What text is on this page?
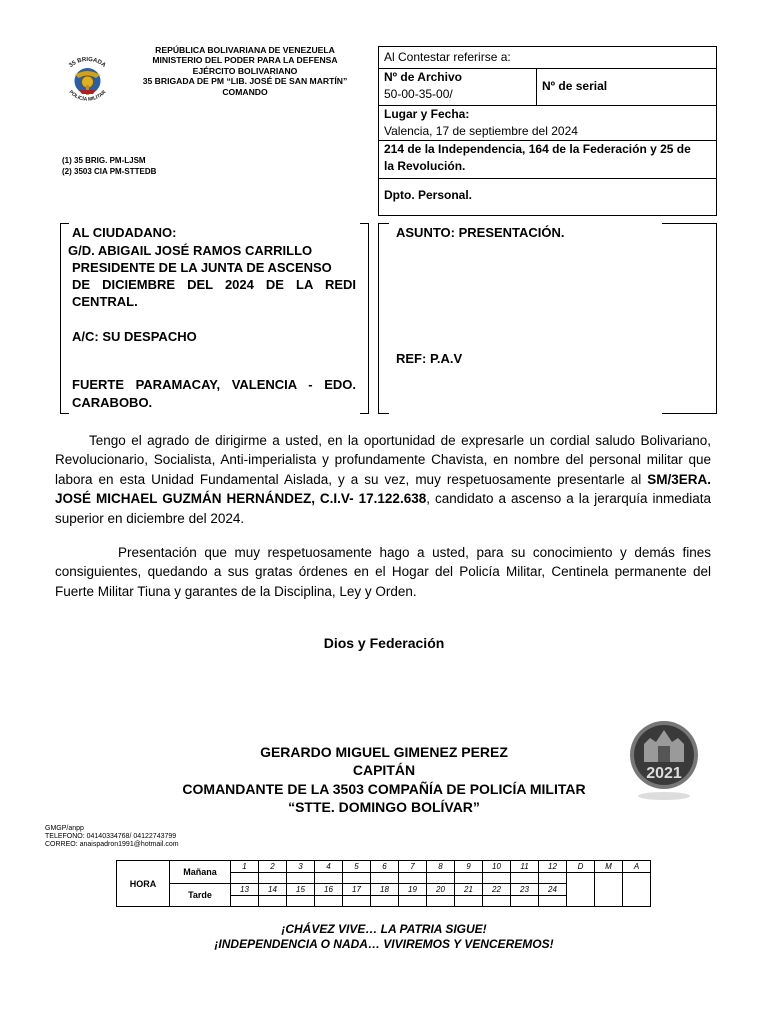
35 BRIGADA
POLICÍA MILITAR
REPÚBLICA BOLIVARIANA DE VENEZUELA
MINISTERIO DEL PODER PARA LA DEFENSA
EJÉRCITO BOLIVARIANO
35 BRIGADA DE PM “LIB. JOSÉ DE SAN MARTÍN”
COMANDO
(1) 35 BRIG. PM-LJSM
(2) 3503 CIA PM-STTEDB
Al Contestar referirse a:
Nº de Archivo
50-00-35-00/
Nº de serial
Lugar y Fecha:
Valencia, 17 de septiembre del 2024
214 de la Independencia, 164 de la Federación y 25 de
la Revolución.
Dpto. Personal.
AL CIUDADANO:
G/D. ABIGAIL JOSÉ RAMOS CARRILLO
PRESIDENTE DE LA JUNTA DE ASCENSO
DE DICIEMBRE DEL 2024 DE LA REDI
CENTRAL.
A/C: SU DESPACHO
FUERTE PARAMACAY, VALENCIA - EDO.
CARABOBO.
ASUNTO: PRESENTACIÓN.
REF: P.A.V
Tengo el agrado de dirigirme a usted, en la oportunidad de expresarle un cordial saludo Bolivariano, Revolucionario, Socialista, Anti-imperialista y profundamente Chavista, en nombre del personal militar que labora en esta Unidad Fundamental Aislada, y a su vez, muy respetuosamente presentarle al SM/3ERA. JOSÉ MICHAEL GUZMÁN HERNÁNDEZ, C.I.V- 17.122.638, candidato a ascenso a la jerarquía inmediata superior en diciembre del 2024.
Presentación que muy respetuosamente hago a usted, para su conocimiento y demás fines consiguientes, quedando a sus gratas órdenes en el Hogar del Policía Militar, Centinela permanente del Fuerte Militar Tiuna y garantes de la Disciplina, Ley y Orden.
Dios y Federación
2021
GERARDO MIGUEL GIMENEZ PEREZ
CAPITÁN
COMANDANTE DE LA 3503 COMPAÑÍA DE POLICÍA MILITAR
“STTE. DOMINGO BOLÍVAR”
GMGP/anpp
TELEFONO: 04140334768/ 04122743799
CORREO: anaispadron1991@hotmail.com
HORA	Mañana	1	2	3	4	5	6	7	8	9	10	11	12	D	M	A

	Tarde	13	14	15	16	17	18	19	20	21	22	23	24			

¡CHÁVEZ VIVE… LA PATRIA SIGUE!
¡INDEPENDENCIA O NADA… VIVIREMOS Y VENCEREMOS!
